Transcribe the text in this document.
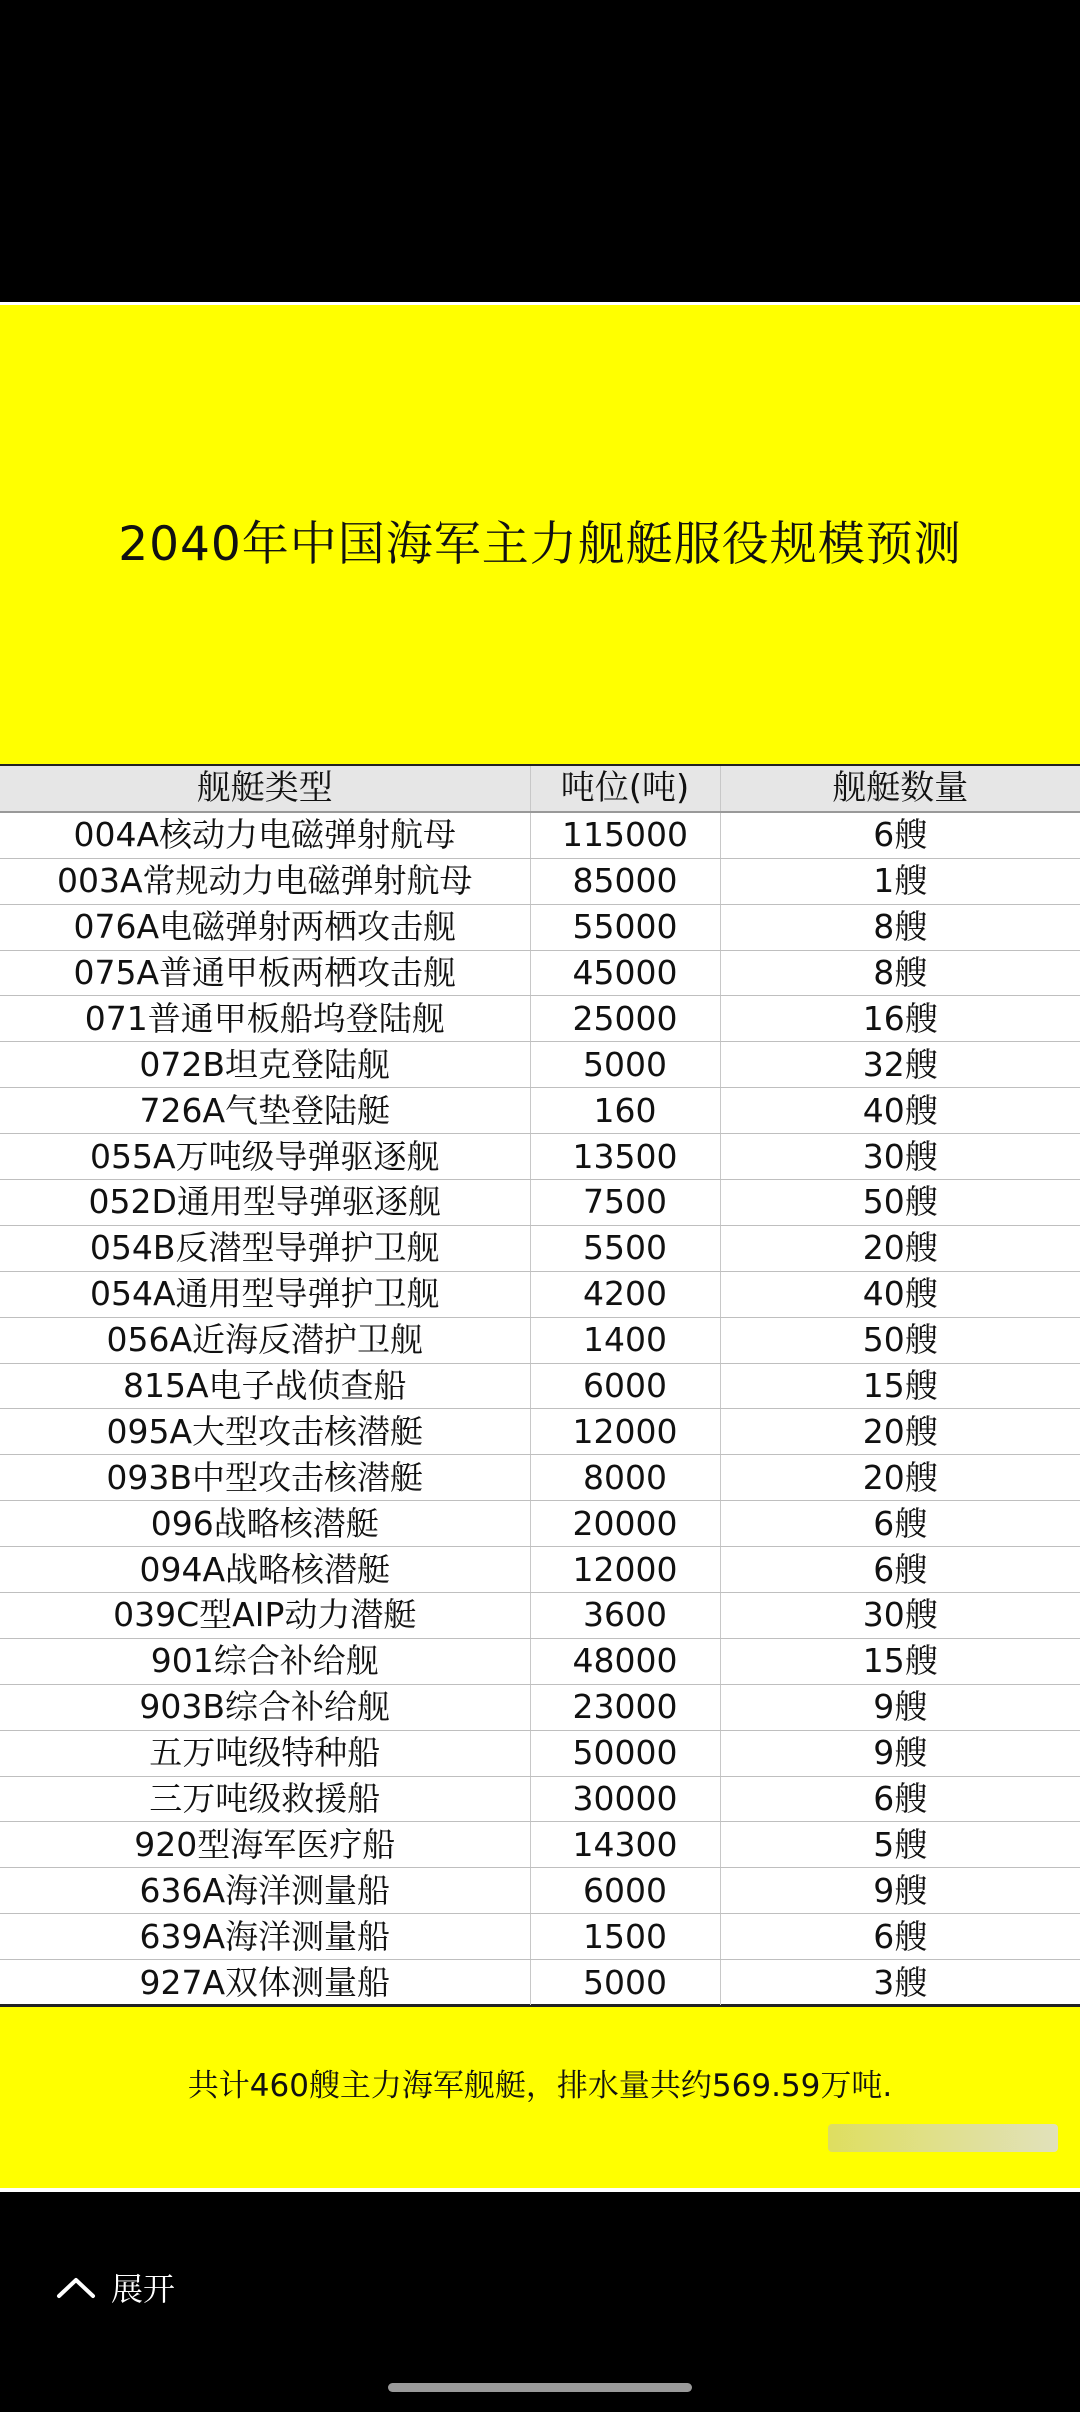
2040年中国海军主力舰艇服役规模预测
舰艇类型	吨位(吨)	舰艇数量
004A核动力电磁弹射航母	115000	6艘
003A常规动力电磁弹射航母	85000	1艘
076A电磁弹射两栖攻击舰	55000	8艘
075A普通甲板两栖攻击舰	45000	8艘
071普通甲板船坞登陆舰	25000	16艘
072B坦克登陆舰	5000	32艘
726A气垫登陆艇	160	40艘
055A万吨级导弹驱逐舰	13500	30艘
052D通用型导弹驱逐舰	7500	50艘
054B反潜型导弹护卫舰	5500	20艘
054A通用型导弹护卫舰	4200	40艘
056A近海反潜护卫舰	1400	50艘
815A电子战侦查船	6000	15艘
095A大型攻击核潜艇	12000	20艘
093B中型攻击核潜艇	8000	20艘
096战略核潜艇	20000	6艘
094A战略核潜艇	12000	6艘
039C型AIP动力潜艇	3600	30艘
901综合补给舰	48000	15艘
903B综合补给舰	23000	9艘
五万吨级特种船	50000	9艘
三万吨级救援船	30000	6艘
920型海军医疗船	14300	5艘
636A海洋测量船	6000	9艘
639A海洋测量船	1500	6艘
927A双体测量船	5000	3艘
共计460艘主力海军舰艇，排水量共约569.59万吨.
展开
